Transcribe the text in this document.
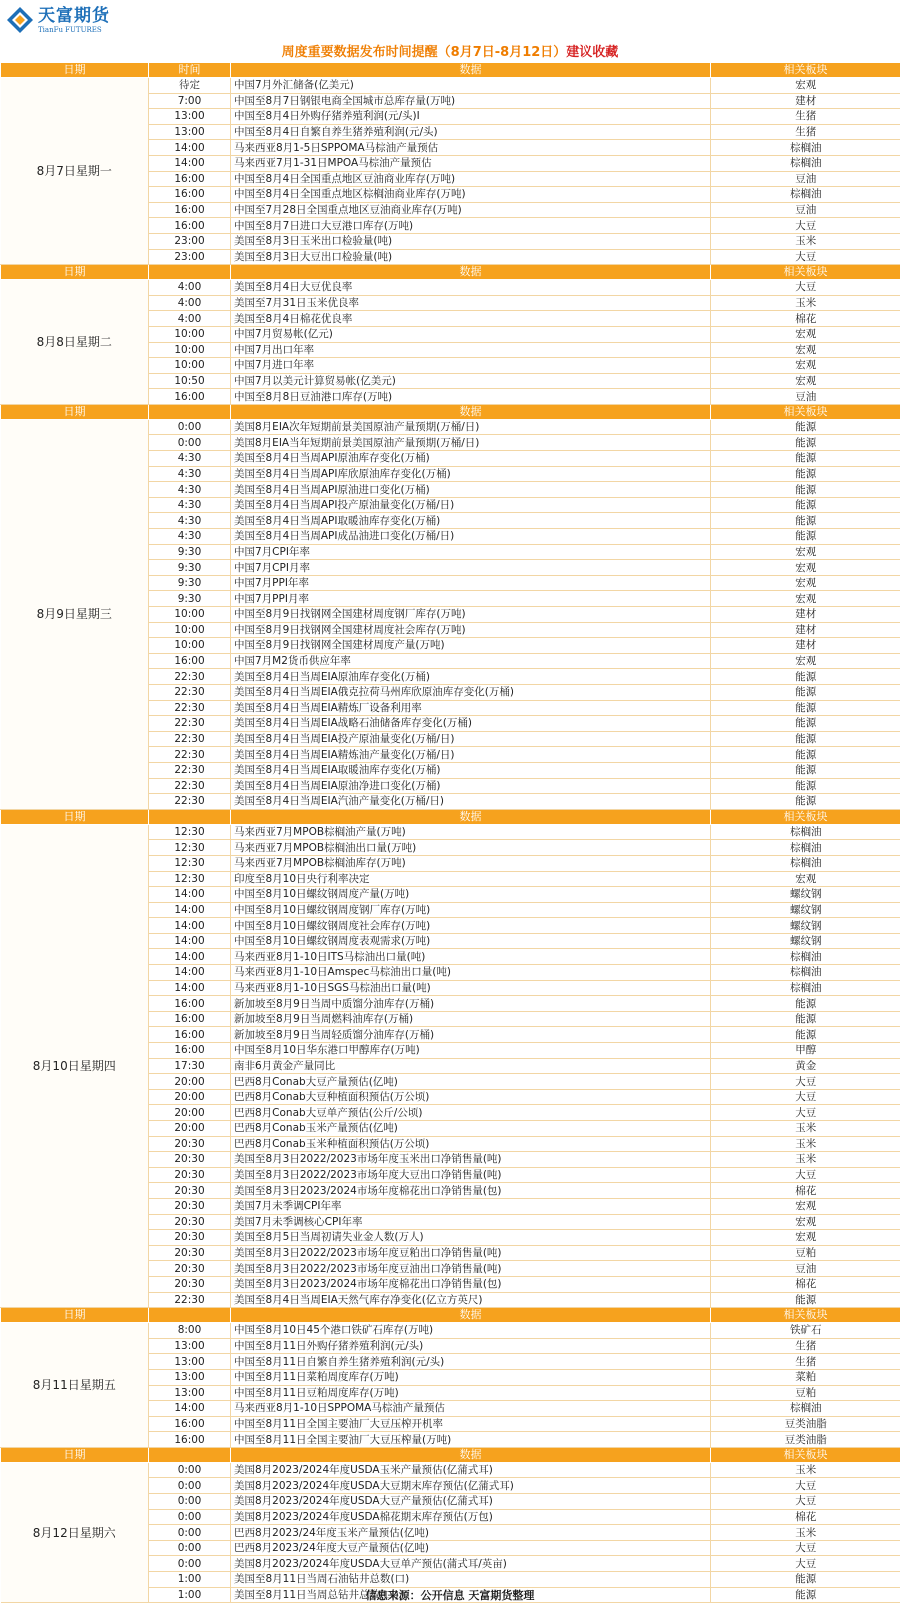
天富期货
TianFu FUTURES
周度重要数据发布时间提醒（8月7日-8月12日）建议收藏
日期	时间	数据	相关板块
8月7日星期一	待定	中国7月外汇储备(亿美元)	宏观
	7:00	中国至8月7日钢银电商全国城市总库存量(万吨)	建材
	13:00	中国至8月4日外购仔猪养殖利润(元/头)I	生猪
	13:00	中国至8月4日自繁自养生猪养殖利润(元/头)	生猪
	14:00	马来西亚8月1-5日SPPOMA马棕油产量预估	棕榈油
	14:00	马来西亚7月1-31日MPOA马棕油产量预估	棕榈油
	16:00	中国至8月4日全国重点地区豆油商业库存(万吨)	豆油
	16:00	中国至8月4日全国重点地区棕榈油商业库存(万吨)	棕榈油
	16:00	中国至7月28日全国重点地区豆油商业库存(万吨)	豆油
	16:00	中国至8月7日进口大豆港口库存(万吨)	大豆
	23:00	美国至8月3日玉米出口检验量(吨)	玉米
	23:00	美国至8月3日大豆出口检验量(吨)	大豆
日期		数据	相关板块
8月8日星期二	4:00	美国至8月4日大豆优良率	大豆
	4:00	美国至7月31日玉米优良率	玉米
	4:00	美国至8月4日棉花优良率	棉花
	10:00	中国7月贸易帐(亿元)	宏观
	10:00	中国7月出口年率	宏观
	10:00	中国7月进口年率	宏观
	10:50	中国7月以美元计算贸易帐(亿美元)	宏观
	16:00	中国至8月8日豆油港口库存(万吨)	豆油
日期		数据	相关板块
8月9日星期三	0:00	美国8月EIA次年短期前景美国原油产量预期(万桶/日)	能源
	0:00	美国8月EIA当年短期前景美国原油产量预期(万桶/日)	能源
	4:30	美国至8月4日当周API原油库存变化(万桶)	能源
	4:30	美国至8月4日当周API库欣原油库存变化(万桶)	能源
	4:30	美国至8月4日当周API原油进口变化(万桶)	能源
	4:30	美国至8月4日当周API投产原油量变化(万桶/日)	能源
	4:30	美国至8月4日当周API取暖油库存变化(万桶)	能源
	4:30	美国至8月4日当周API成品油进口变化(万桶/日)	能源
	9:30	中国7月CPI年率	宏观
	9:30	中国7月CPI月率	宏观
	9:30	中国7月PPI年率	宏观
	9:30	中国7月PPI月率	宏观
	10:00	中国至8月9日找钢网全国建材周度钢厂库存(万吨)	建材
	10:00	中国至8月9日找钢网全国建材周度社会库存(万吨)	建材
	10:00	中国至8月9日找钢网全国建材周度产量(万吨)	建材
	16:00	中国7月M2货币供应年率	宏观
	22:30	美国至8月4日当周EIA原油库存变化(万桶)	能源
	22:30	美国至8月4日当周EIA俄克拉荷马州库欣原油库存变化(万桶)	能源
	22:30	美国至8月4日当周EIA精炼厂设备利用率	能源
	22:30	美国至8月4日当周EIA战略石油储备库存变化(万桶)	能源
	22:30	美国至8月4日当周EIA投产原油量变化(万桶/日)	能源
	22:30	美国至8月4日当周EIA精炼油产量变化(万桶/日)	能源
	22:30	美国至8月4日当周EIA取暖油库存变化(万桶)	能源
	22:30	美国至8月4日当周EIA原油净进口变化(万桶)	能源
	22:30	美国至8月4日当周EIA汽油产量变化(万桶/日)	能源
日期		数据	相关板块
8月10日星期四	12:30	马来西亚7月MPOB棕榈油产量(万吨)	棕榈油
	12:30	马来西亚7月MPOB棕榈油出口量(万吨)	棕榈油
	12:30	马来西亚7月MPOB棕榈油库存(万吨)	棕榈油
	12:30	印度至8月10日央行利率决定	宏观
	14:00	中国至8月10日螺纹钢周度产量(万吨)	螺纹钢
	14:00	中国至8月10日螺纹钢周度钢厂库存(万吨)	螺纹钢
	14:00	中国至8月10日螺纹钢周度社会库存(万吨)	螺纹钢
	14:00	中国至8月10日螺纹钢周度表观需求(万吨)	螺纹钢
	14:00	马来西亚8月1-10日ITS马棕油出口量(吨)	棕榈油
	14:00	马来西亚8月1-10日Amspec马棕油出口量(吨)	棕榈油
	14:00	马来西亚8月1-10日SGS马棕油出口量(吨)	棕榈油
	16:00	新加坡至8月9日当周中质馏分油库存(万桶)	能源
	16:00	新加坡至8月9日当周燃料油库存(万桶)	能源
	16:00	新加坡至8月9日当周轻质馏分油库存(万桶)	能源
	16:00	中国至8月10日华东港口甲醇库存(万吨)	甲醇
	17:30	南非6月黄金产量同比	黄金
	20:00	巴西8月Conab大豆产量预估(亿吨)	大豆
	20:00	巴西8月Conab大豆种植面积预估(万公顷)	大豆
	20:00	巴西8月Conab大豆单产预估(公斤/公顷)	大豆
	20:00	巴西8月Conab玉米产量预估(亿吨)	玉米
	20:30	巴西8月Conab玉米种植面积预估(万公顷)	玉米
	20:30	美国至8月3日2022/2023市场年度玉米出口净销售量(吨)	玉米
	20:30	美国至8月3日2022/2023市场年度大豆出口净销售量(吨)	大豆
	20:30	美国至8月3日2023/2024市场年度棉花出口净销售量(包)	棉花
	20:30	美国7月未季调CPI年率	宏观
	20:30	美国7月未季调核心CPI年率	宏观
	20:30	美国至8月5日当周初请失业金人数(万人)	宏观
	20:30	美国至8月3日2022/2023市场年度豆粕出口净销售量(吨)	豆粕
	20:30	美国至8月3日2022/2023市场年度豆油出口净销售量(吨)	豆油
	20:30	美国至8月3日2023/2024市场年度棉花出口净销售量(包)	棉花
	22:30	美国至8月4日当周EIA天然气库存净变化(亿立方英尺)	能源
日期		数据	相关板块
8月11日星期五	8:00	中国至8月10日45个港口铁矿石库存(万吨)	铁矿石
	13:00	中国至8月11日外购仔猪养殖利润(元/头)	生猪
	13:00	中国至8月11日自繁自养生猪养殖利润(元/头)	生猪
	13:00	中国至8月11日菜粕周度库存(万吨)	菜粕
	13:00	中国至8月11日豆粕周度库存(万吨)	豆粕
	14:00	马来西亚8月1-10日SPPOMA马棕油产量预估	棕榈油
	16:00	中国至8月11日全国主要油厂大豆压榨开机率	豆类油脂
	16:00	中国至8月11日全国主要油厂大豆压榨量(万吨)	豆类油脂
日期		数据	相关板块
8月12日星期六	0:00	美国8月2023/2024年度USDA玉米产量预估(亿蒲式耳)	玉米
	0:00	美国8月2023/2024年度USDA大豆期末库存预估(亿蒲式耳)	大豆
	0:00	美国8月2023/2024年度USDA大豆产量预估(亿蒲式耳)	大豆
	0:00	美国8月2023/2024年度USDA棉花期末库存预估(万包)	棉花
	0:00	巴西8月2023/24年度玉米产量预估(亿吨)	玉米
	0:00	巴西8月2023/24年度大豆产量预估(亿吨)	大豆
	0:00	美国8月2023/2024年度USDA大豆单产预估(蒲式耳/英亩)	大豆
	1:00	美国至8月11日当周石油钻井总数(口)	能源
	1:00	美国至8月11日当周总钻井总数(口)	能源
信息来源：公开信息 天富期货整理
